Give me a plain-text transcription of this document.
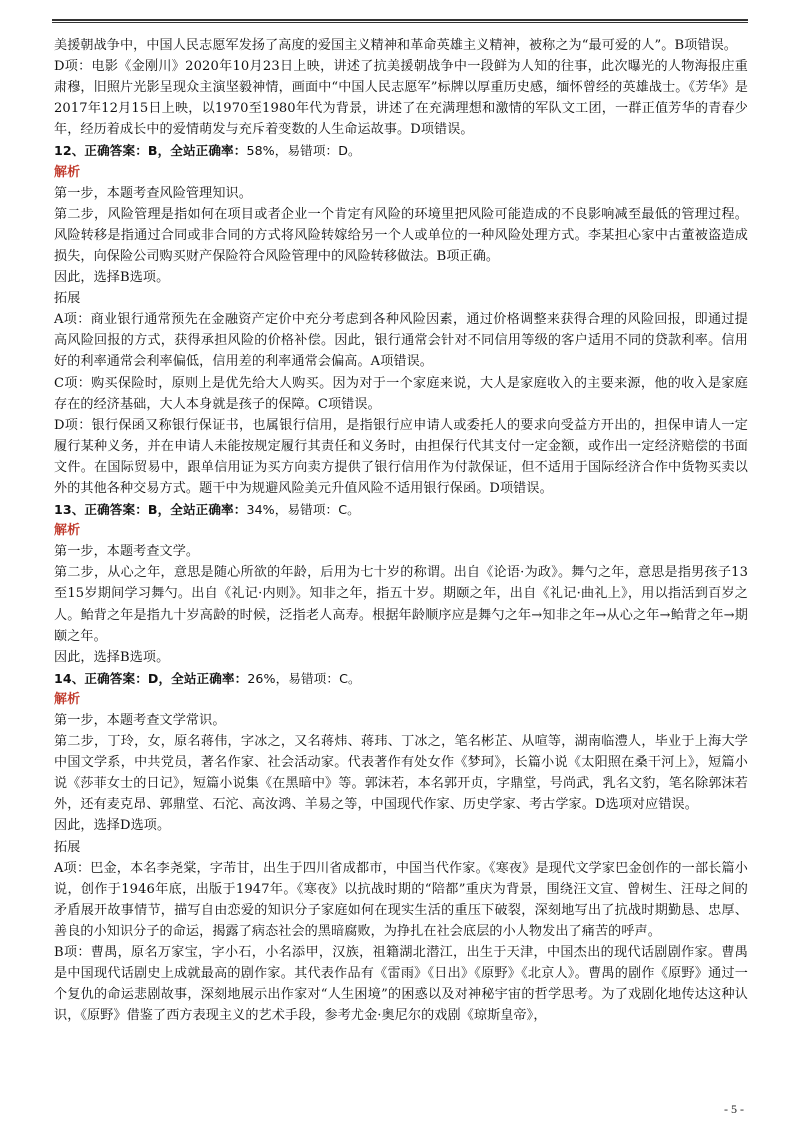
美援朝战争中，中国人民志愿军发扬了高度的爱国主义精神和革命英雄主义精神，被称之为“最可爱的人”。B项错误。

D项：电影《金刚川》2020年10月23日上映，讲述了抗美援朝战争中一段鲜为人知的往事，此次曝光的人物海报庄重肃穆，旧照片光影呈现众主演坚毅神情，画面中“中国人民志愿军”标牌以厚重历史感，缅怀曾经的英雄战士。《芳华》是2017年12月15日上映，以1970至1980年代为背景，讲述了在充满理想和激情的军队文工团，一群正值芳华的青春少年，经历着成长中的爱情萌发与充斥着变数的人生命运故事。D项错误。

12、正确答案：B，全站正确率：58%，易错项：D。

解析

第一步，本题考查风险管理知识。

第二步，风险管理是指如何在项目或者企业一个肯定有风险的环境里把风险可能造成的不良影响减至最低的管理过程。风险转移是指通过合同或非合同的方式将风险转嫁给另一个人或单位的一种风险处理方式。李某担心家中古董被盗造成损失，向保险公司购买财产保险符合风险管理中的风险转移做法。B项正确。

因此，选择B选项。

拓展

A项：商业银行通常预先在金融资产定价中充分考虑到各种风险因素，通过价格调整来获得合理的风险回报，即通过提高风险回报的方式，获得承担风险的价格补偿。因此，银行通常会针对不同信用等级的客户适用不同的贷款利率。信用好的利率通常会利率偏低，信用差的利率通常会偏高。A项错误。

C项：购买保险时，原则上是优先给大人购买。因为对于一个家庭来说，大人是家庭收入的主要来源，他的收入是家庭存在的经济基础，大人本身就是孩子的保障。C项错误。

D项：银行保函又称银行保证书，也属银行信用，是指银行应申请人或委托人的要求向受益方开出的，担保申请人一定履行某种义务，并在申请人未能按规定履行其责任和义务时，由担保行代其支付一定金额，或作出一定经济赔偿的书面文件。在国际贸易中，跟单信用证为买方向卖方提供了银行信用作为付款保证，但不适用于国际经济合作中货物买卖以外的其他各种交易方式。题干中为规避风险美元升值风险不适用银行保函。D项错误。

13、正确答案：B，全站正确率：34%，易错项：C。

解析

第一步，本题考查文学。

第二步，从心之年，意思是随心所欲的年龄，后用为七十岁的称谓。出自《论语·为政》。舞勺之年，意思是指男孩子13至15岁期间学习舞勺。出自《礼记·内则》。知非之年，指五十岁。期颐之年，出自《礼记·曲礼上》，用以指活到百岁之人。鲐背之年是指九十岁高龄的时候，泛指老人高寿。根据年龄顺序应是舞勺之年→知非之年→从心之年→鲐背之年→期颐之年。

因此，选择B选项。

14、正确答案：D，全站正确率：26%，易错项：C。

解析

第一步，本题考查文学常识。

第二步，丁玲，女，原名蒋伟，字冰之，又名蒋炜、蒋玮、丁冰之，笔名彬芷、从喧等，湖南临澧人，毕业于上海大学中国文学系，中共党员，著名作家、社会活动家。代表著作有处女作《梦珂》，长篇小说《太阳照在桑干河上》，短篇小说《莎菲女士的日记》，短篇小说集《在黑暗中》等。郭沫若，本名郭开贞，字鼎堂，号尚武，乳名文豹，笔名除郭沫若外，还有麦克昂、郭鼎堂、石沱、高汝鸿、羊易之等，中国现代作家、历史学家、考古学家。D选项对应错误。

因此，选择D选项。

拓展

A项：巴金，本名李尧棠，字芾甘，出生于四川省成都市，中国当代作家。《寒夜》是现代文学家巴金创作的一部长篇小说，创作于1946年底，出版于1947年。《寒夜》以抗战时期的“陪都”重庆为背景，围绕汪文宣、曾树生、汪母之间的矛盾展开故事情节，描写自由恋爱的知识分子家庭如何在现实生活的重压下破裂，深刻地写出了抗战时期勤恳、忠厚、善良的小知识分子的命运，揭露了病态社会的黑暗腐败，为挣扎在社会底层的小人物发出了痛苦的呼声。

B项：曹禺，原名万家宝，字小石，小名添甲，汉族，祖籍湖北潜江，出生于天津，中国杰出的现代话剧剧作家。曹禺是中国现代话剧史上成就最高的剧作家。其代表作品有《雷雨》《日出》《原野》《北京人》。曹禺的剧作《原野》通过一个复仇的命运悲剧故事，深刻地展示出作家对“人生困境”的困惑以及对神秘宇宙的哲学思考。为了戏剧化地传达这种认识，《原野》借鉴了西方表现主义的艺术手段，参考尤金·奥尼尔的戏剧《琼斯皇帝》，

- 5 -
